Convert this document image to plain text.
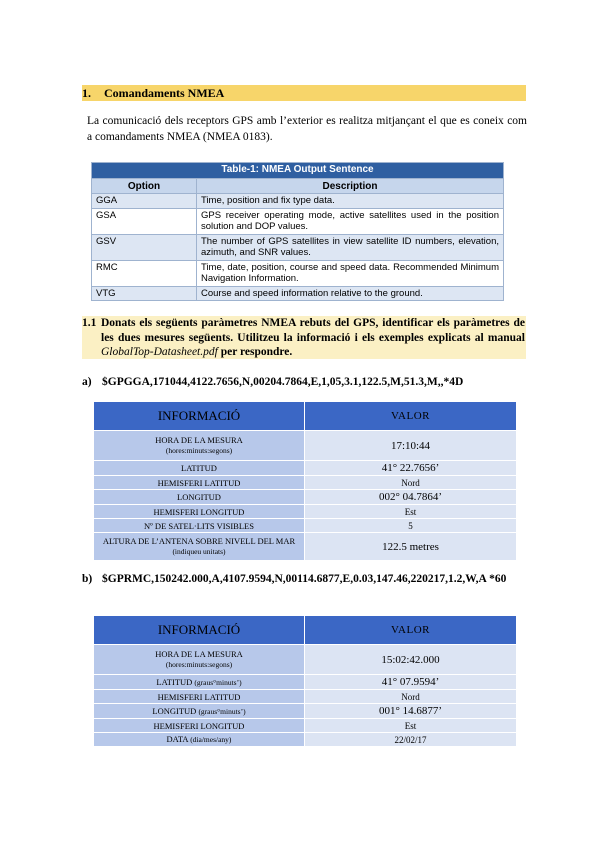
1. Comandaments NMEA
La comunicació dels receptors GPS amb l’exterior es realitza mitjançant el que es coneix com a comandaments NMEA (NMEA 0183).
Table-1: NMEA Output Sentence	
Option	Description
GGA	Time, position and fix type data.
GSA	GPS receiver operating mode, active satellites used in the position solution and DOP values.
GSV	The number of GPS satellites in view satellite ID numbers, elevation, azimuth, and SNR values.
RMC	Time, date, position, course and speed data. Recommended Minimum Navigation Information.
VTG	Course and speed information relative to the ground.
1.1 Donats els següents paràmetres NMEA rebuts del GPS, identificar els paràmetres de les dues mesures següents. Utilitzeu la informació i els exemples explicats al manual GlobalTop-Datasheet.pdf per respondre.
a) $GPGGA,171044,4122.7656,N,00204.7864,E,1,05,3.1,122.5,M,51.3,M,,*4D
INFORMACIÓ	VALOR
HORA DE LA MESURA
(hores:minuts:segons)	17:10:44
LATITUD	41° 22.7656’
HEMISFERI LATITUD	Nord
LONGITUD	002° 04.7864’
HEMISFERI LONGITUD	Est
Nº DE SATEL·LITS VISIBLES	5
ALTURA DE L’ANTENA SOBRE NIVELL DEL MAR (indiqueu unitats)	122.5 metres
b) $GPRMC,150242.000,A,4107.9594,N,00114.6877,E,0.03,147.46,220217,1.2,W,A *60
INFORMACIÓ	VALOR
HORA DE LA MESURA
(hores:minuts:segons)	15:02:42.000
LATITUD (graus°minuts’)	41° 07.9594’
HEMISFERI LATITUD	Nord
LONGITUD (graus°minuts’)	001° 14.6877’
HEMISFERI LONGITUD	Est
DATA (dia/mes/any)	22/02/17
